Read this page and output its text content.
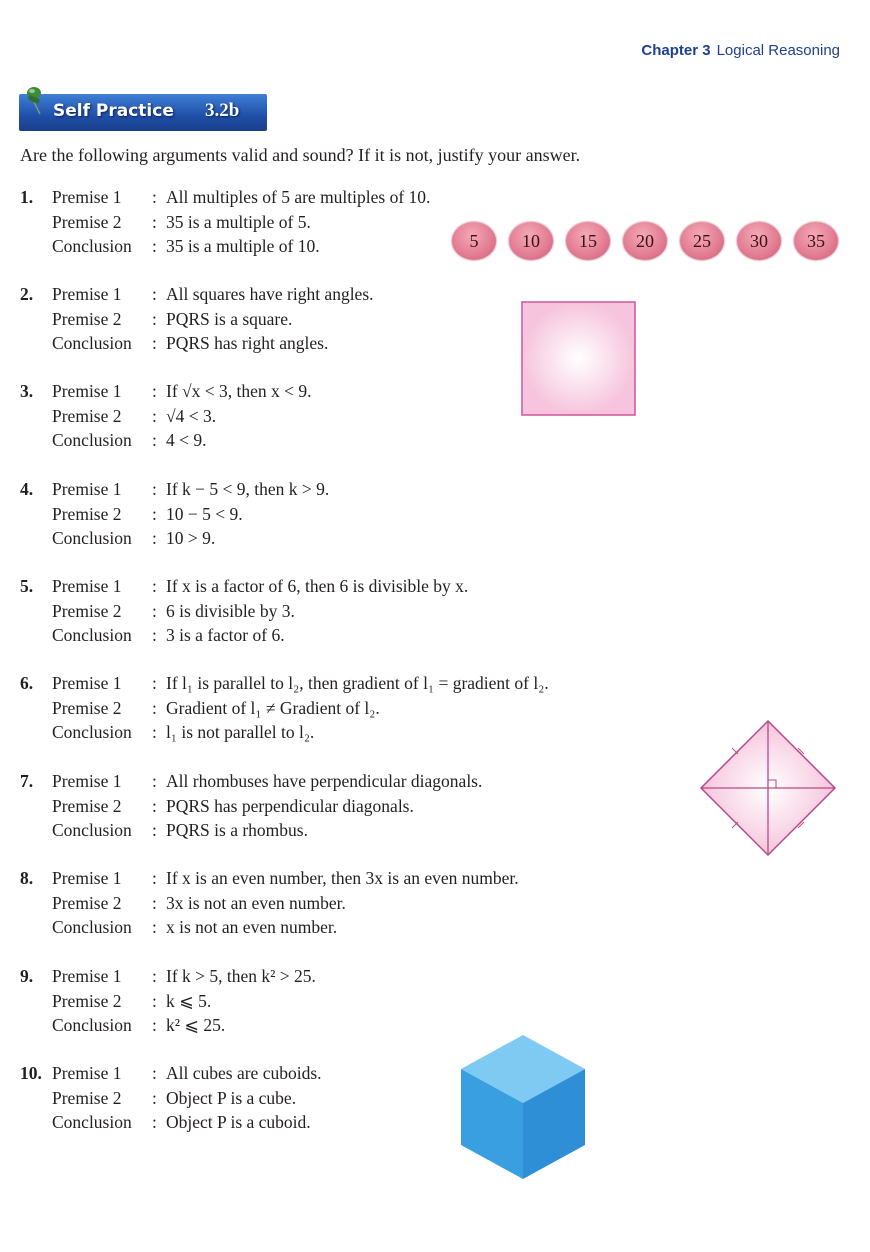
Chapter 3 Logical Reasoning
Self Practice 3.2b
Are the following arguments valid and sound? If it is not, justify your answer.
1.	Premise 1	: All multiples of 5 are multiples of 10.
Premise 2	: 35 is a multiple of 5.
Conclusion	: 35 is a multiple of 10.
2.	Premise 1	: All squares have right angles.
Premise 2	: PQRS is a square.
Conclusion	: PQRS has right angles.
3.	Premise 1	: If √x < 3, then x < 9.
Premise 2	: √4 < 3.
Conclusion	: 4 < 9.
4.	Premise 1	: If k − 5 < 9, then k > 9.
Premise 2	: 10 − 5 < 9.
Conclusion	: 10 > 9.
5.	Premise 1	: If x is a factor of 6, then 6 is divisible by x.
Premise 2	: 6 is divisible by 3.
Conclusion	: 3 is a factor of 6.
6.	Premise 1	: If l₁ is parallel to l₂, then gradient of l₁ = gradient of l₂.
Premise 2	: Gradient of l₁ ≠ Gradient of l₂.
Conclusion	: l₁ is not parallel to l₂.
7.	Premise 1	: All rhombuses have perpendicular diagonals.
Premise 2	: PQRS has perpendicular diagonals.
Conclusion	: PQRS is a rhombus.
8.	Premise 1	: If x is an even number, then 3x is an even number.
Premise 2	: 3x is not an even number.
Conclusion	: x is not an even number.
9.	Premise 1	: If k > 5, then k² > 25.
Premise 2	: k ⩽ 5.
Conclusion	: k² ⩽ 25.
10. Premise 1	: All cubes are cuboids.
Premise 2	: Object P is a cube.
Conclusion	: Object P is a cuboid.
5	10	15	20	25	30	35
